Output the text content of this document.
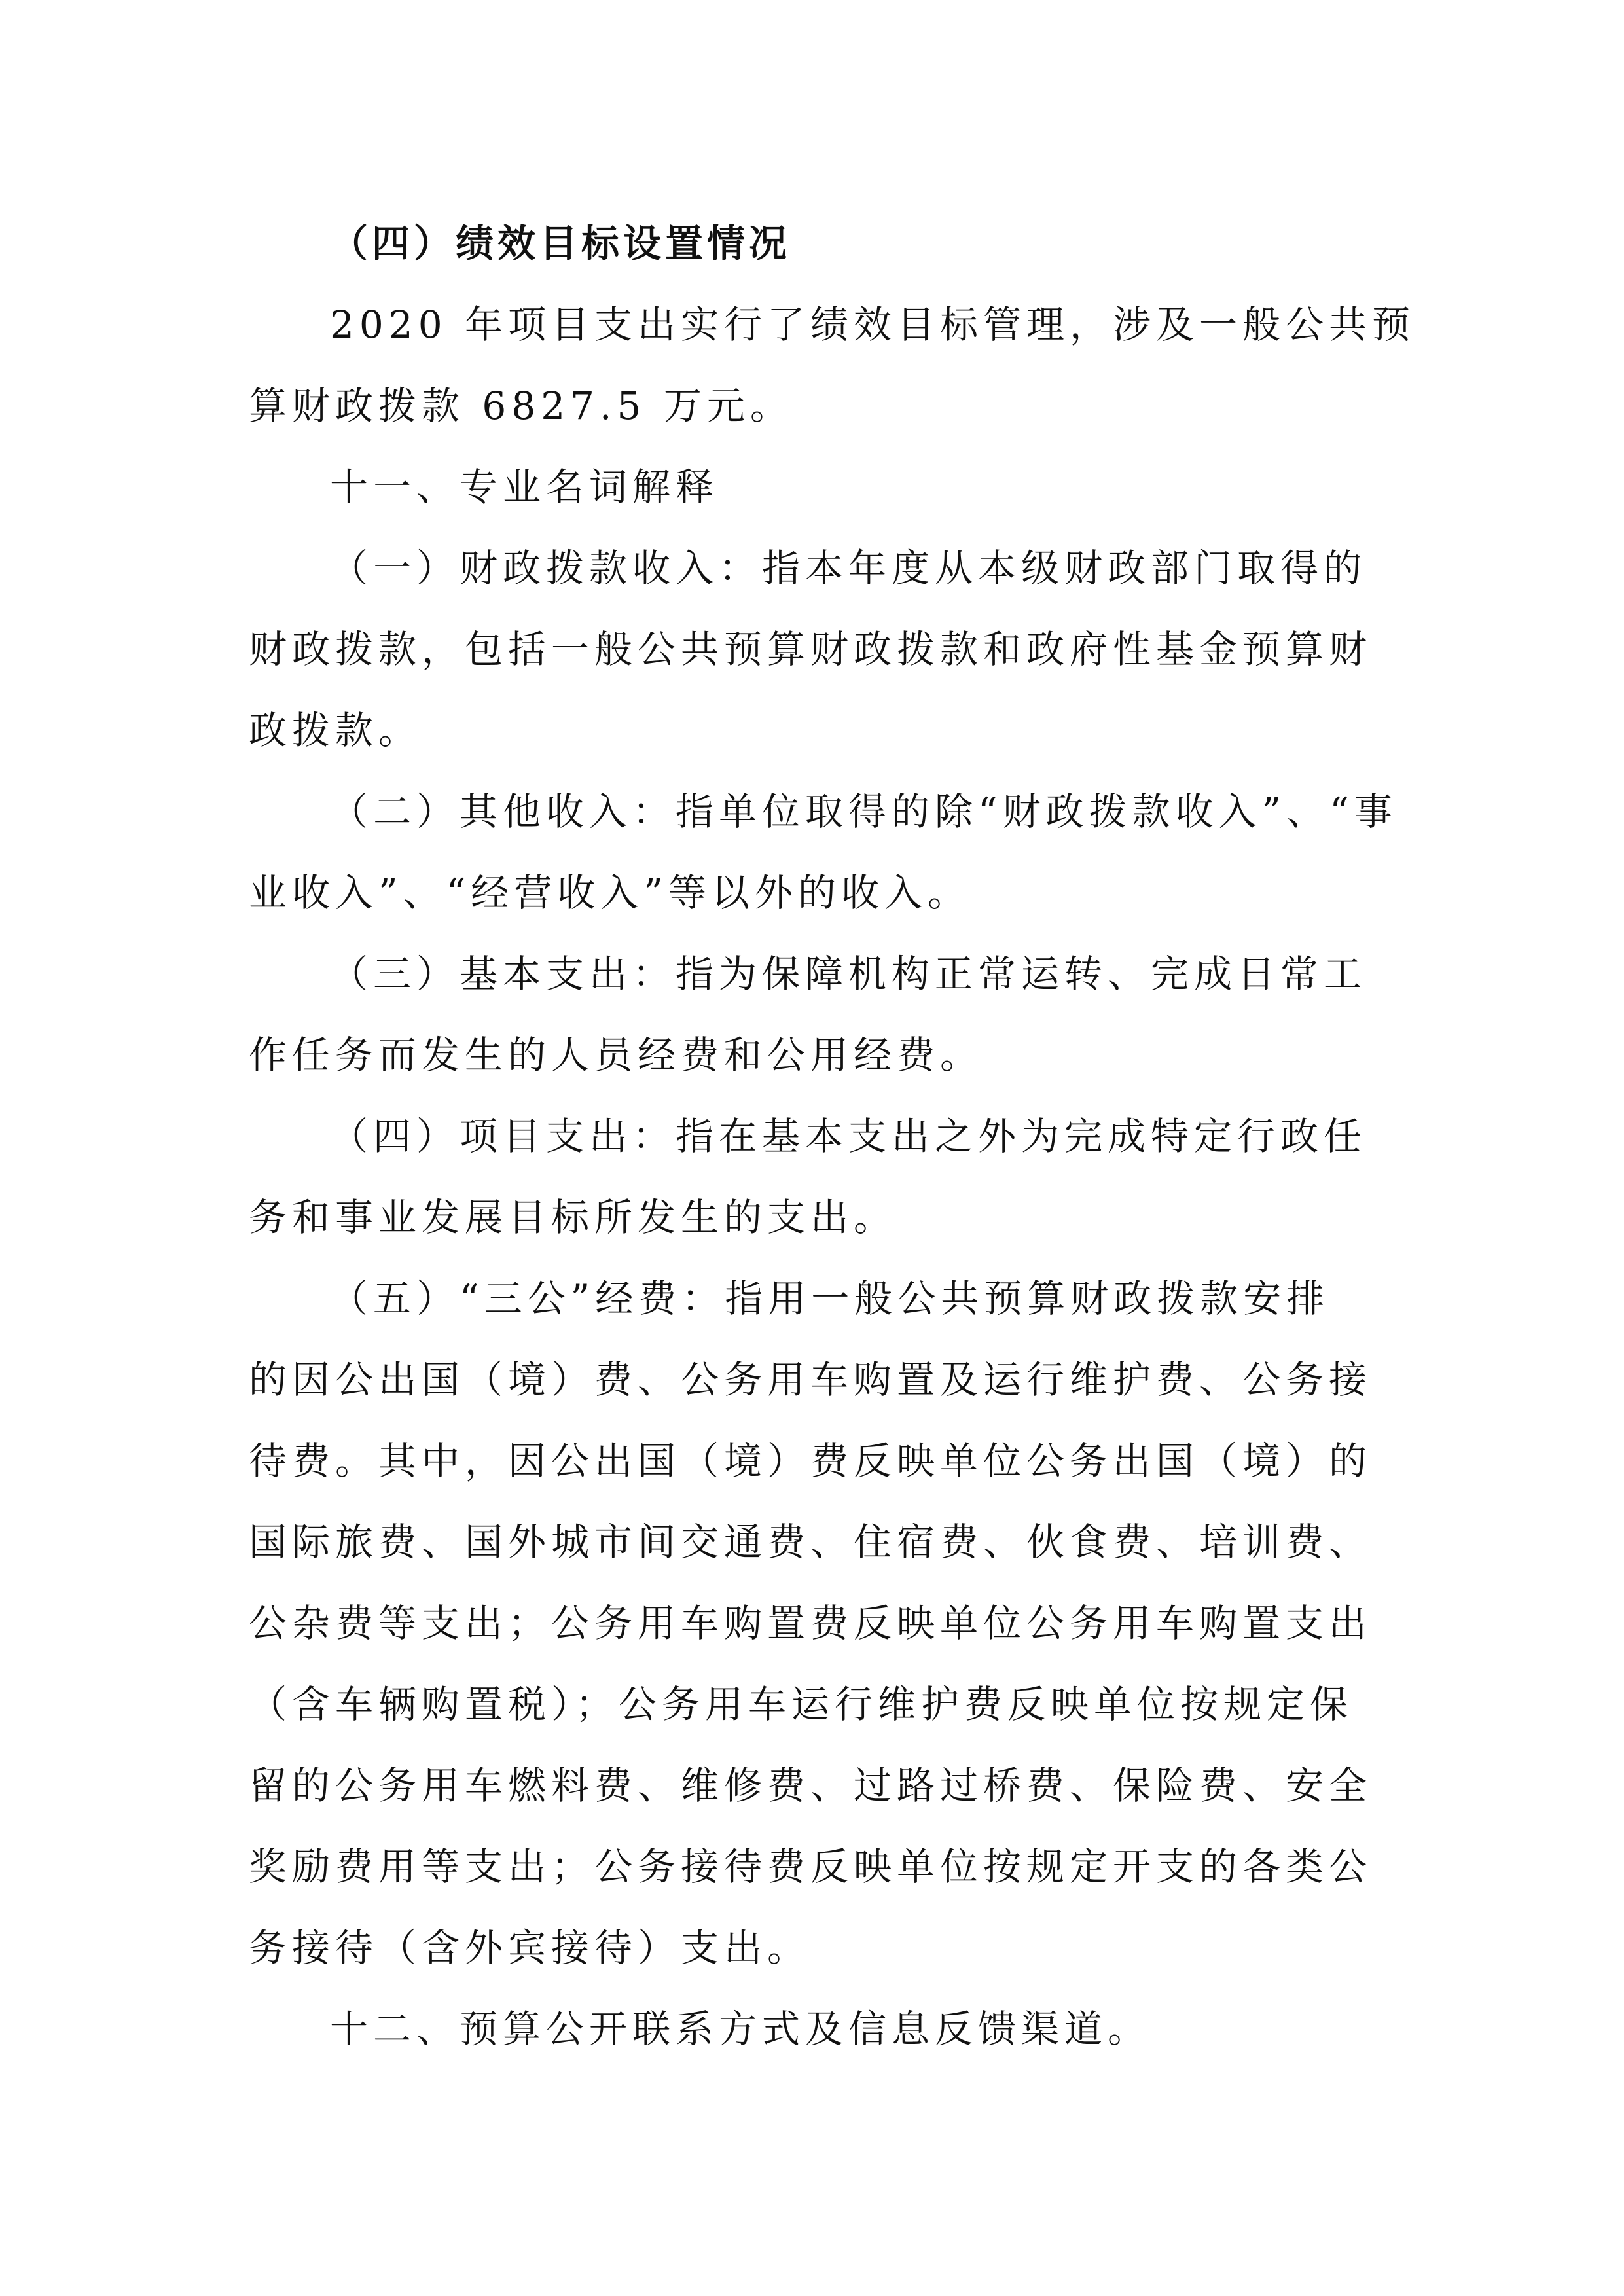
（四）绩效目标设置情况
2020 年项目支出实行了绩效目标管理，涉及一般公共预
算财政拨款 6827.5 万元。
十一、专业名词解释
（一）财政拨款收入：指本年度从本级财政部门取得的
财政拨款，包括一般公共预算财政拨款和政府性基金预算财
政拨款。
（二）其他收入：指单位取得的除“财政拨款收入”、“事
业收入”、“经营收入”等以外的收入。
（三）基本支出：指为保障机构正常运转、完成日常工
作任务而发生的人员经费和公用经费。
（四）项目支出：指在基本支出之外为完成特定行政任
务和事业发展目标所发生的支出。
（五）“三公”经费：指用一般公共预算财政拨款安排
的因公出国（境）费、公务用车购置及运行维护费、公务接
待费。其中，因公出国（境）费反映单位公务出国（境）的
国际旅费、国外城市间交通费、住宿费、伙食费、培训费、
公杂费等支出；公务用车购置费反映单位公务用车购置支出
（含车辆购置税）；公务用车运行维护费反映单位按规定保
留的公务用车燃料费、维修费、过路过桥费、保险费、安全
奖励费用等支出；公务接待费反映单位按规定开支的各类公
务接待（含外宾接待）支出。
十二、预算公开联系方式及信息反馈渠道。
